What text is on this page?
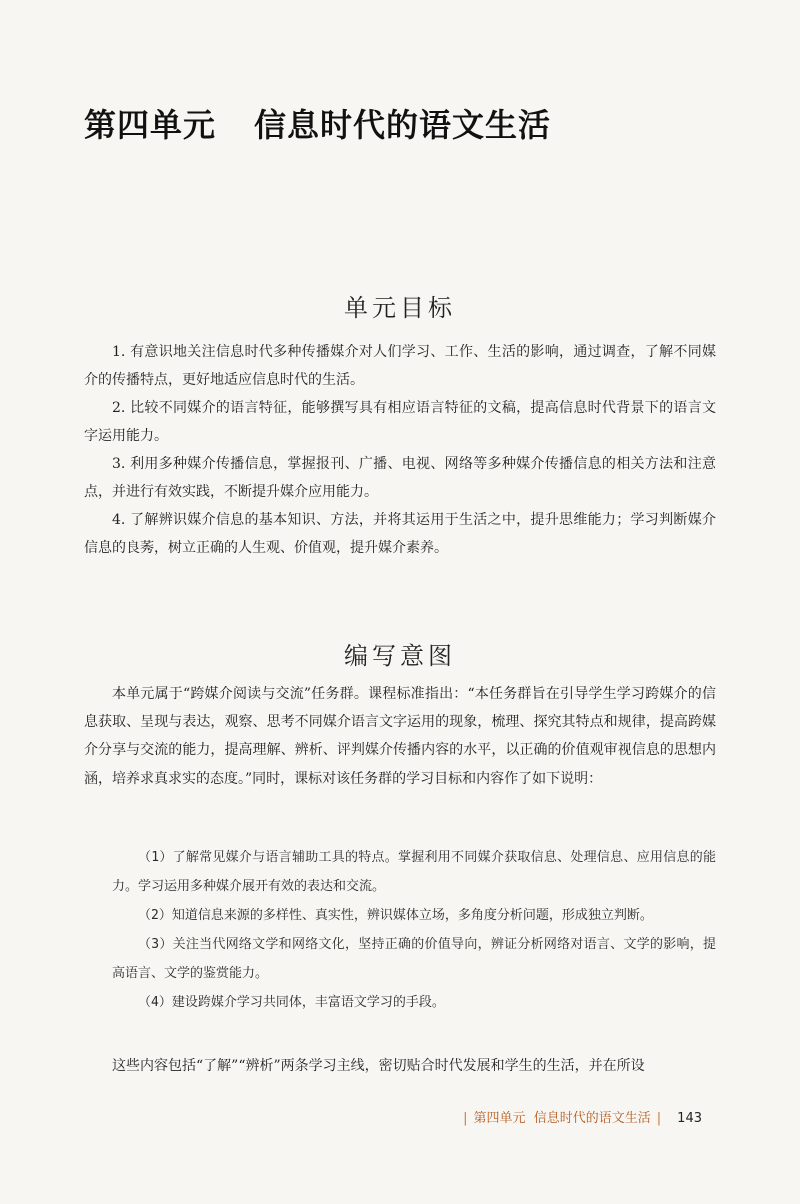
第四单元 信息时代的语文生活
单元目标

1. 有意识地关注信息时代多种传播媒介对人们学习、工作、生活的影响，通过调查，了解不同媒介的传播特点，更好地适应信息时代的生活。

2. 比较不同媒介的语言特征，能够撰写具有相应语言特征的文稿，提高信息时代背景下的语言文字运用能力。

3. 利用多种媒介传播信息，掌握报刊、广播、电视、网络等多种媒介传播信息的相关方法和注意点，并进行有效实践，不断提升媒介应用能力。

4. 了解辨识媒介信息的基本知识、方法，并将其运用于生活之中，提升思维能力；学习判断媒介信息的良莠，树立正确的人生观、价值观，提升媒介素养。

编写意图

本单元属于“跨媒介阅读与交流”任务群。课程标准指出：“本任务群旨在引导学生学习跨媒介的信息获取、呈现与表达，观察、思考不同媒介语言文字运用的现象，梳理、探究其特点和规律，提高跨媒介分享与交流的能力，提高理解、辨析、评判媒介传播内容的水平，以正确的价值观审视信息的思想内涵，培养求真求实的态度。”同时，课标对该任务群的学习目标和内容作了如下说明：

（1）了解常见媒介与语言辅助工具的特点。掌握利用不同媒介获取信息、处理信息、应用信息的能力。学习运用多种媒介展开有效的表达和交流。

（2）知道信息来源的多样性、真实性，辨识媒体立场，多角度分析问题，形成独立判断。

（3）关注当代网络文学和网络文化，坚持正确的价值导向，辨证分析网络对语言、文学的影响，提高语言、文学的鉴赏能力。

（4）建设跨媒介学习共同体，丰富语文学习的手段。

这些内容包括“了解”“辨析”两条学习主线，密切贴合时代发展和学生的生活，并在所设

| 第四单元 信息时代的语文生活 | 143
